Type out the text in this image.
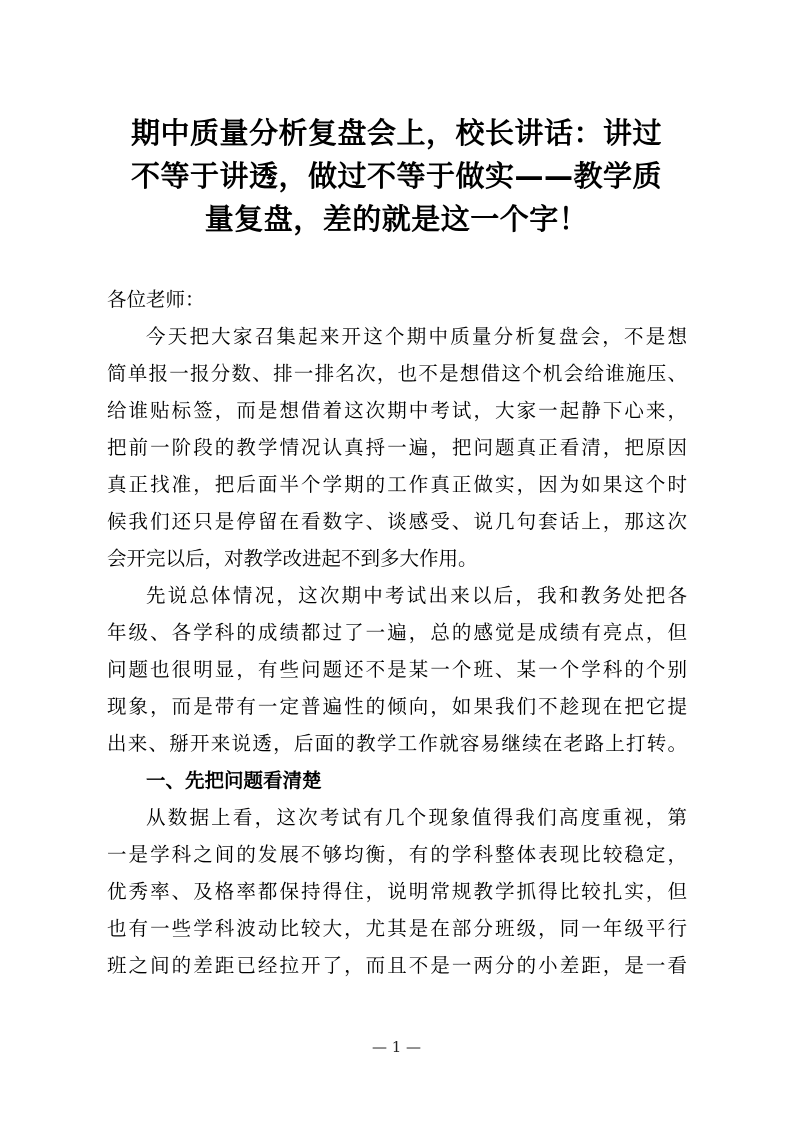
期中质量分析复盘会上，校长讲话：讲过
不等于讲透，做过不等于做实——教学质
量复盘，差的就是这一个字！
各位老师：
今天把大家召集起来开这个期中质量分析复盘会，不是想
简单报一报分数、排一排名次，也不是想借这个机会给谁施压、
给谁贴标签，而是想借着这次期中考试，大家一起静下心来，
把前一阶段的教学情况认真捋一遍，把问题真正看清，把原因
真正找准，把后面半个学期的工作真正做实，因为如果这个时
候我们还只是停留在看数字、谈感受、说几句套话上，那这次
会开完以后，对教学改进起不到多大作用。
先说总体情况，这次期中考试出来以后，我和教务处把各
年级、各学科的成绩都过了一遍，总的感觉是成绩有亮点，但
问题也很明显，有些问题还不是某一个班、某一个学科的个别
现象，而是带有一定普遍性的倾向，如果我们不趁现在把它提
出来、掰开来说透，后面的教学工作就容易继续在老路上打转。
一、先把问题看清楚
从数据上看，这次考试有几个现象值得我们高度重视，第
一是学科之间的发展不够均衡，有的学科整体表现比较稳定，
优秀率、及格率都保持得住，说明常规教学抓得比较扎实，但
也有一些学科波动比较大，尤其是在部分班级，同一年级平行
班之间的差距已经拉开了，而且不是一两分的小差距，是一看
— 1 —
